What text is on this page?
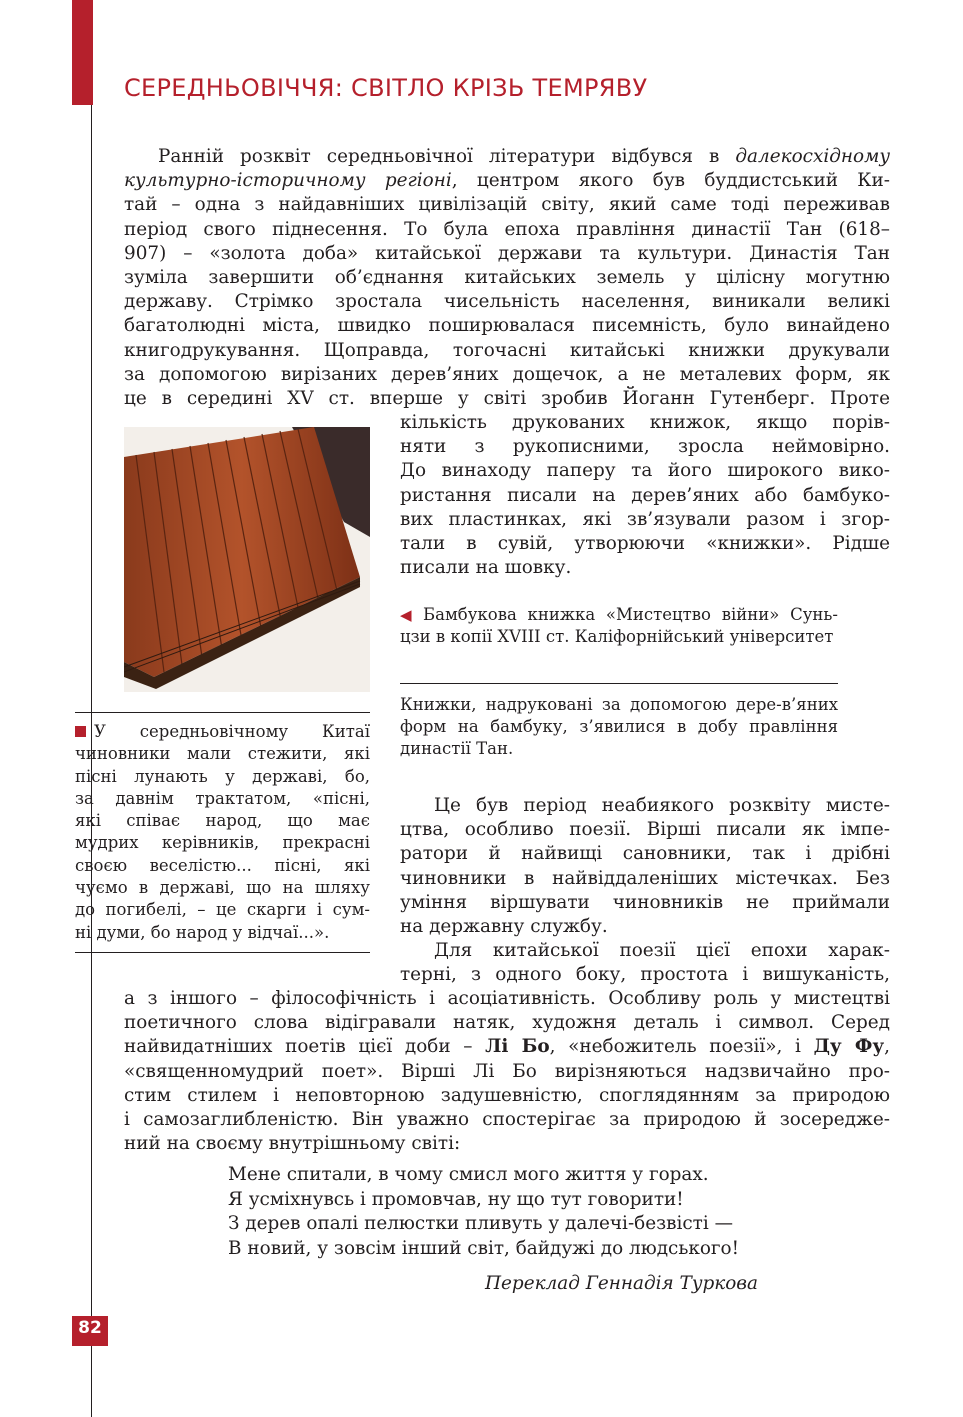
СЕРЕДНЬОВІЧЧЯ: СВІТЛО КРІЗЬ ТЕМРЯВУ
Ранній розквіт середньовічної літератури відбувся в далекосхідному
культурно-історичному регіоні, центром якого був буддистський Ки-
тай – одна з найдавніших цивілізацій світу, який саме тоді переживав
період свого піднесення. То була епоха правління династії Тан (618–
907) – «золота доба» китайської держави та культури. Династія Тан
зуміла завершити об’єднання китайських земель у цілісну могутню
державу. Стрімко зростала чисельність населення, виникали великі
багатолюдні міста, швидко поширювалася писемність, було винайдено
книгодрукування. Щоправда, тогочасні китайські книжки друкували
за допомогою вирізаних дерев’яних дощечок, а не металевих форм, як
це в середині XV ст. вперше у світі зробив Йоганн Гутенберг. Проте
кількість друкованих книжок, якщо порів-
няти з рукописними, зросла неймовірно.
До винаходу паперу та його широкого вико-
ристання писали на дерев’яних або бамбуко-
вих пластинках, які зв’язували разом і згор-
тали в сувій, утворюючи «книжки». Рідше
писали на шовку.
◀ Бамбукова книжка «Мистецтво війни» Сунь-цзи в копії XVIII ст. Каліфорнійський університет
Книжки, надруковані за допомогою дере-в’яних форм на бамбуку, з’явилися в добу правління династії Тан.
У середньовічному Китаї
чиновники мали стежити, які
пісні лунають у державі, бо,
за давнім трактатом, «пісні,
які співає народ, що має
мудрих керівників, прекрасні
своєю веселістю... пісні, які
чуємо в державі, що на шляху
до погибелі, – це скарги і сум-
ні думи, бо народ у відчаї...».
Це був період неабиякого розквіту мисте-
цтва, особливо поезії. Вірші писали як імпе-
ратори й найвищі сановники, так і дрібні
чиновники в найвіддаленіших містечках. Без
уміння віршувати чиновників не приймали
на державну службу.
Для китайської поезії цієї епохи харак-
терні, з одного боку, простота і вишуканість,
а з іншого – філософічність і асоціативність. Особливу роль у мистецтві
поетичного слова відігравали натяк, художня деталь і символ. Серед
найвидатніших поетів цієї доби – Лі Бо, «небожитель поезії», і Ду Фу,
«священномудрий поет». Вірші Лі Бо вирізняються надзвичайно про-
стим стилем і неповторною задушевністю, споглядянням за природою
і самозаглибленістю. Він уважно спостерігає за природою й зосереджe-
ний на своєму внутрішньому світі:
Мене спитали, в чому смисл мого життя у горах.
Я усміхнувсь і промовчав, ну що тут говорити!
З дерев опалі пелюстки пливуть у далечі-безвісті —
В новий, у зовсім інший світ, байдужі до людського!
Переклад Геннадія Туркова
82
